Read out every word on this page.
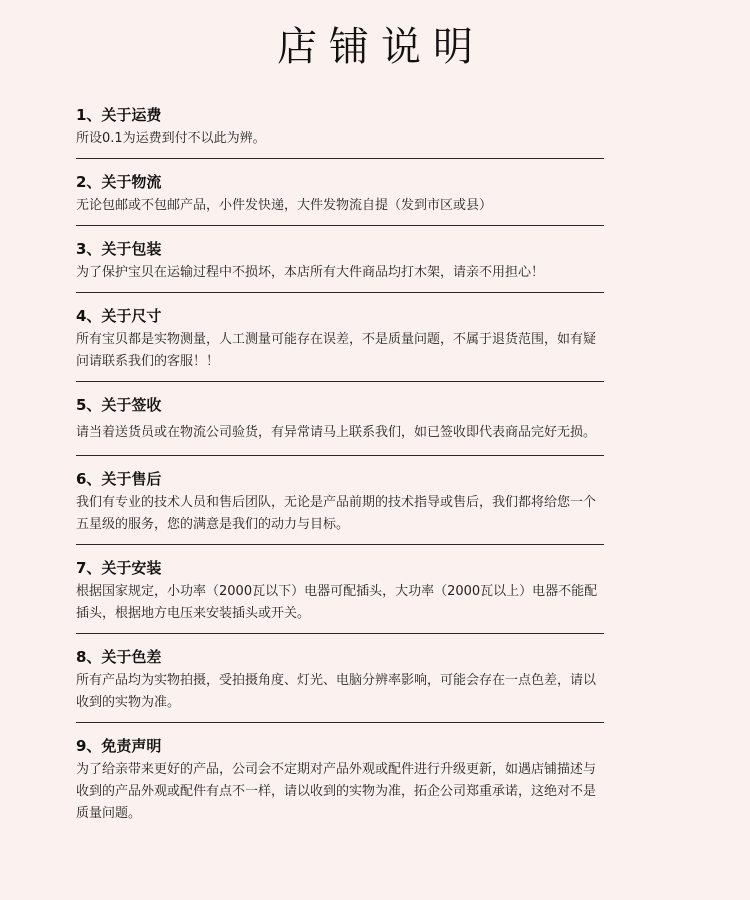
店铺说明
1、关于运费
所设0.1为运费到付不以此为辨。
2、关于物流
无论包邮或不包邮产品，小件发快递，大件发物流自提（发到市区或县）
3、关于包装
为了保护宝贝在运输过程中不损坏，本店所有大件商品均打木架，请亲不用担心！
4、关于尺寸
所有宝贝都是实物测量，人工测量可能存在误差，不是质量问题，不属于退货范围，如有疑问请联系我们的客服！！
5、关于签收
请当着送货员或在物流公司验货，有异常请马上联系我们，如已签收即代表商品完好无损。
6、关于售后
我们有专业的技术人员和售后团队，无论是产品前期的技术指导或售后，我们都将给您一个五星级的服务，您的满意是我们的动力与目标。
7、关于安装
根据国家规定，小功率（2000瓦以下）电器可配插头，大功率（2000瓦以上）电器不能配插头，根据地方电压来安装插头或开关。
8、关于色差
所有产品均为实物拍摄，受拍摄角度、灯光、电脑分辨率影响，可能会存在一点色差，请以收到的实物为准。
9、免责声明
为了给亲带来更好的产品，公司会不定期对产品外观或配件进行升级更新，如遇店铺描述与收到的产品外观或配件有点不一样，请以收到的实物为准，拓企公司郑重承诺，这绝对不是质量问题。
